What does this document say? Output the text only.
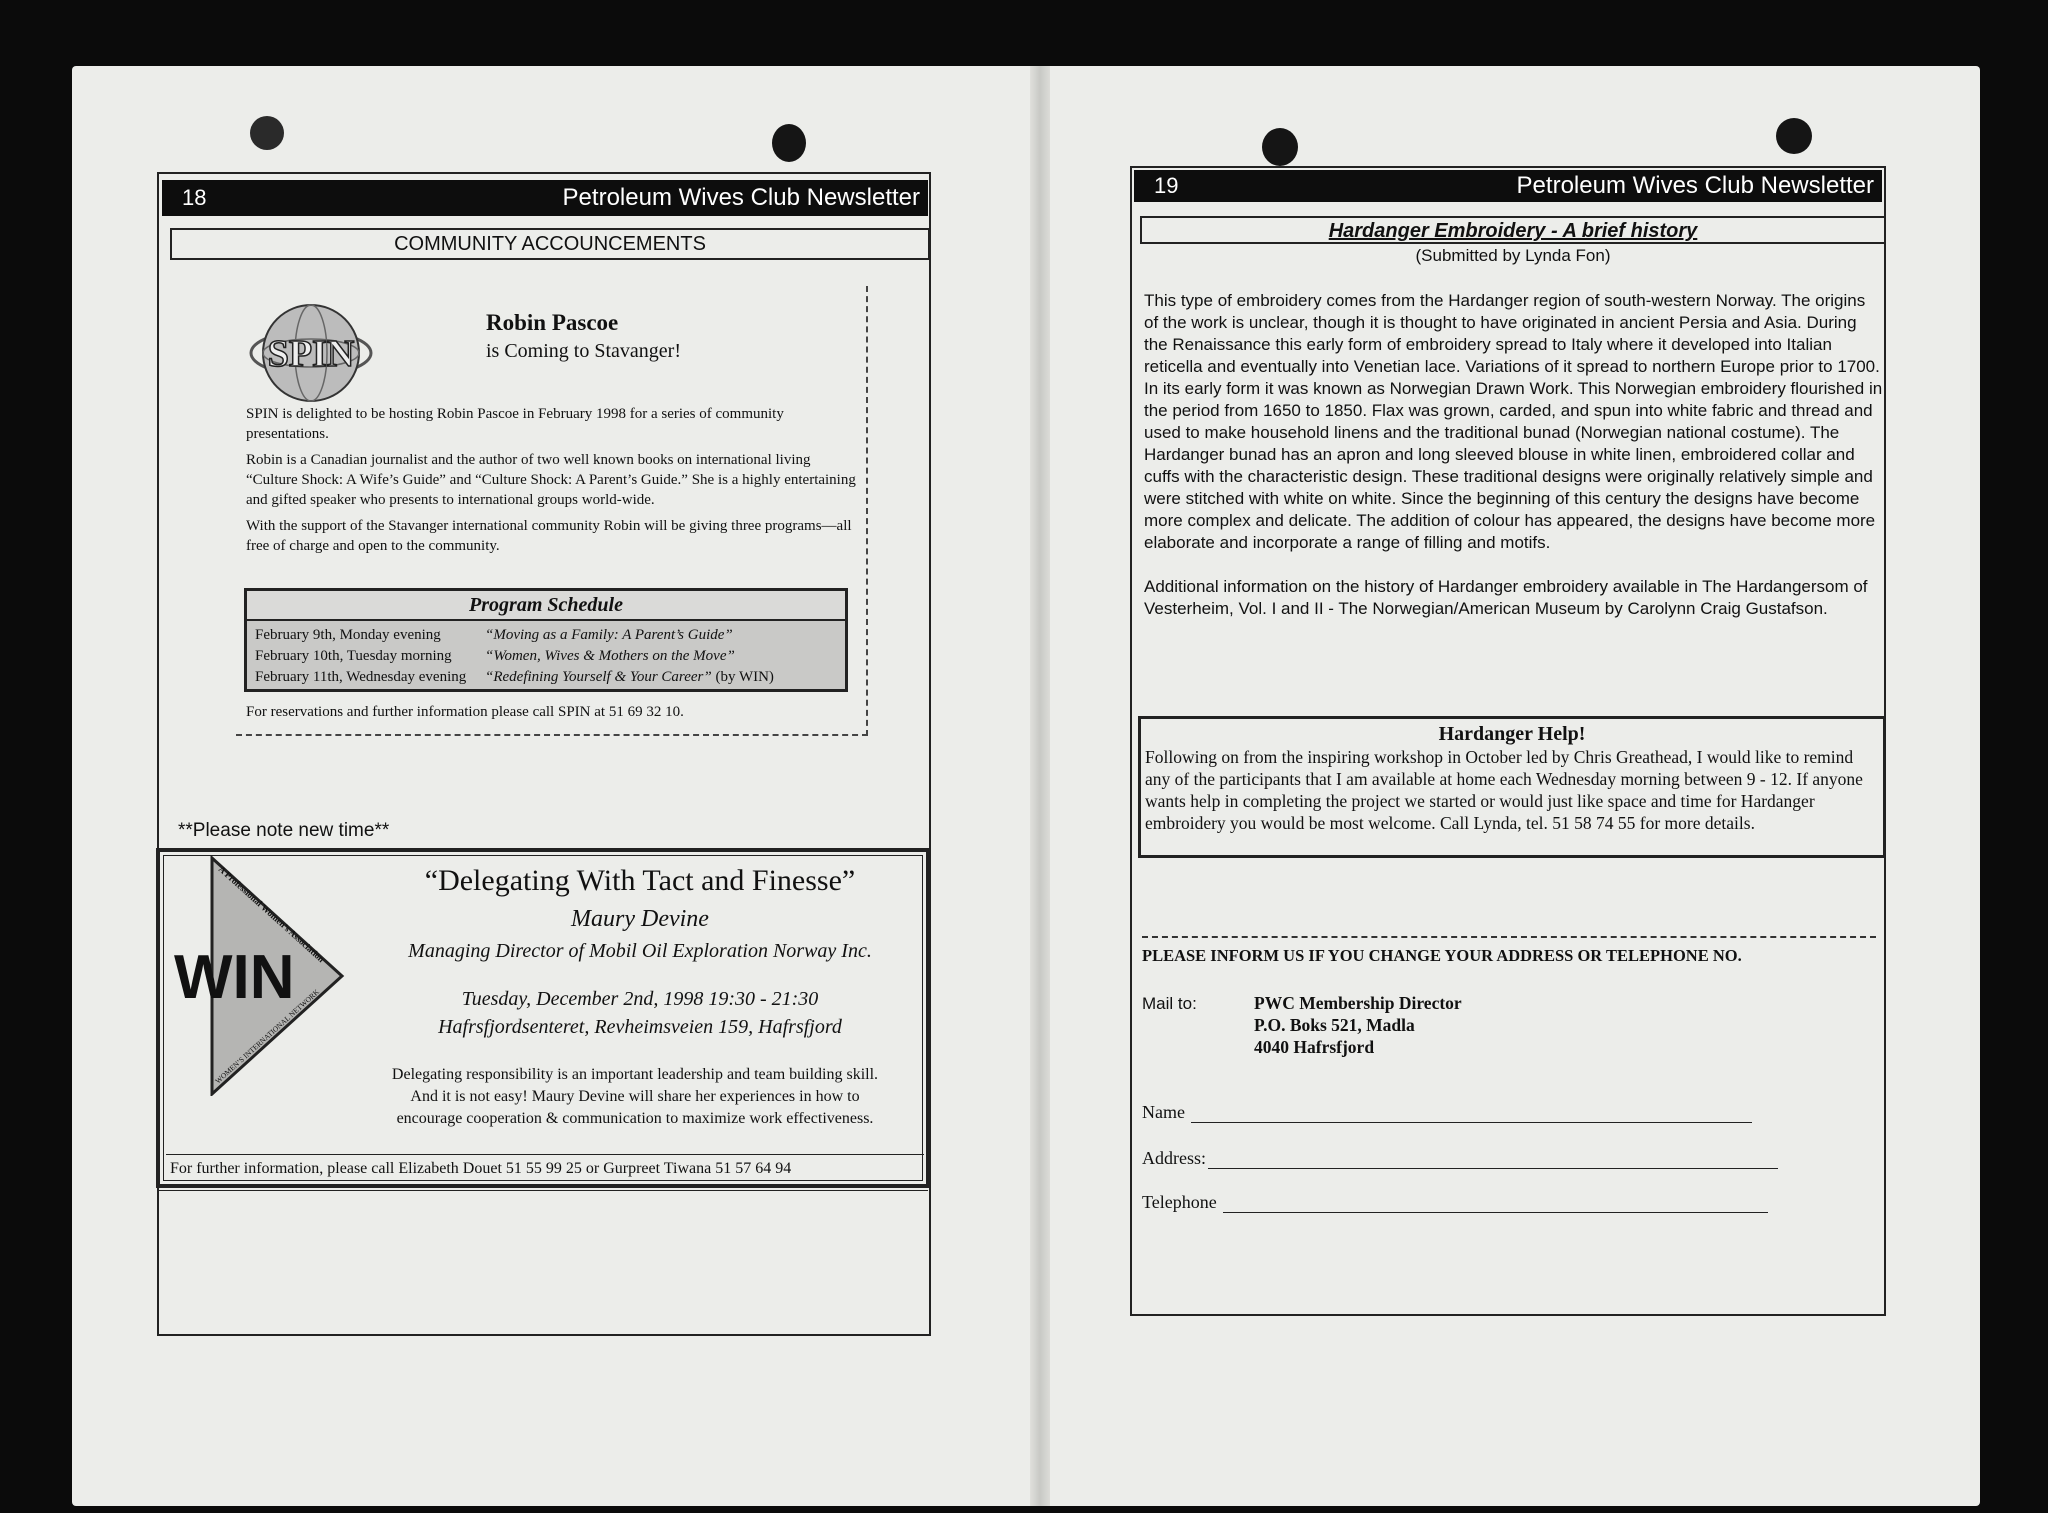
18	Petroleum Wives Club Newsletter
COMMUNITY ACCOUNCEMENTS
SPIN
Robin Pascoe
is Coming to Stavanger!

SPIN is delighted to be hosting Robin Pascoe in February 1998 for a series of community presentations.

Robin is a Canadian journalist and the author of two well known books on international living “Culture Shock: A Wife’s Guide” and “Culture Shock: A Parent’s Guide.” She is a highly entertaining and gifted speaker who presents to international groups world-wide.

With the support of the Stavanger international community Robin will be giving three programs—all free of charge and open to the community.

Program Schedule
February 9th, Monday evening	“Moving as a Family: A Parent’s Guide”
February 10th, Tuesday morning “Women, Wives & Mothers on the Move”
February 11th, Wednesday evening “Redefining Yourself & Your Career” (by WIN)
For reservations and further information please call SPIN at 51 69 32 10.
**Please note new time**
WIN
A Professional Women’s Association
WOMEN’S INTERNATIONAL NETWORK
“Delegating With Tact and Finesse”
Maury Devine
Managing Director of Mobil Oil Exploration Norway Inc.
Tuesday, December 2nd, 1998 19:30 - 21:30
Hafrsfjordsenteret, Revheimsveien 159, Hafrsfjord
Delegating responsibility is an important leadership and team building skill.
And it is not easy! Maury Devine will share her experiences in how to
encourage cooperation & communication to maximize work effectiveness.
For further information, please call Elizabeth Douet 51 55 99 25 or Gurpreet Tiwana 51 57 64 94
19	Petroleum Wives Club Newsletter
Hardanger Embroidery - A brief history
(Submitted by Lynda Fon)

This type of embroidery comes from the Hardanger region of south-western Norway. The origins of the work is unclear, though it is thought to have originated in ancient Persia and Asia. During the Renaissance this early form of embroidery spread to Italy where it developed into Italian reticella and eventually into Venetian lace. Variations of it spread to northern Europe prior to 1700. In its early form it was known as Norwegian Drawn Work. This Norwegian embroidery flourished in the period from 1650 to 1850. Flax was grown, carded, and spun into white fabric and thread and used to make household linens and the traditional bunad (Norwegian national costume). The Hardanger bunad has an apron and long sleeved blouse in white linen, embroidered collar and cuffs with the characteristic design. These traditional designs were originally relatively simple and were stitched with white on white. Since the beginning of this century the designs have become more complex and delicate. The addition of colour has appeared, the designs have become more elaborate and incorporate a range of filling and motifs.

Additional information on the history of Hardanger embroidery available in The Hardangersom of Vesterheim, Vol. I and II - The Norwegian/American Museum by Carolynn Craig Gustafson.

Hardanger Help!
Following on from the inspiring workshop in October led by Chris Greathead, I would like to remind any of the participants that I am available at home each Wednesday morning between 9 - 12. If anyone wants help in completing the project we started or would just like space and time for Hardanger embroidery you would be most welcome. Call Lynda, tel. 51 58 74 55 for more details.
PLEASE INFORM US IF YOU CHANGE YOUR ADDRESS OR TELEPHONE NO.
Mail to:	PWC Membership Director
P.O. Boks 521, Madla
4040 Hafrsfjord
Name
Address:
Telephone
